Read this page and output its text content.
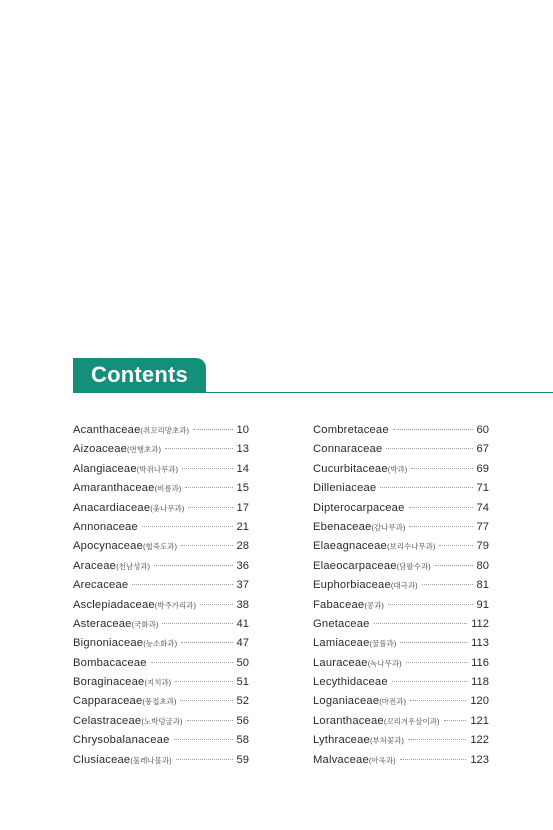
Contents
Acanthaceae (쥐꼬리망초과)	10
Aizoaceae (번행초과)	13
Alangiaceae (박쥐나무과)	14
Amaranthaceae (비름과)	15
Anacardiaceae (옻나무과)	17
Annonaceae	21
Apocynaceae (협죽도과)	28
Araceae (천남성과)	36
Arecaceae	37
Asclepiadaceae (박주가리과)	38
Asteraceae (국화과)	41
Bignoniaceae (능소화과)	47
Bombacaceae	50
Boraginaceae (지치과)	51
Capparaceae (풍접초과)	52
Celastraceae (노박덩굴과)	56
Chrysobalanaceae	58
Clusiaceae (물레나물과)	59
Combretaceae	60
Connaraceae	67
Cucurbitaceae (박과)	69
Dilleniaceae	71
Dipterocarpaceae	74
Ebenaceae (감나무과)	77
Elaeagnaceae (보리수나무과)	79
Elaeocarpaceae (담팔수과)	80
Euphorbiaceae (대극과)	81
Fabaceae (콩과)	91
Gnetaceae	112
Lamiaceae (꿀풀과)	113
Lauraceae (녹나무과)	116
Lecythidaceae	118
Loganiaceae (마전과)	120
Loranthaceae (꼬리겨우살이과)	121
Lythraceae (부처꽃과)	122
Malvaceae (아욱과)	123
